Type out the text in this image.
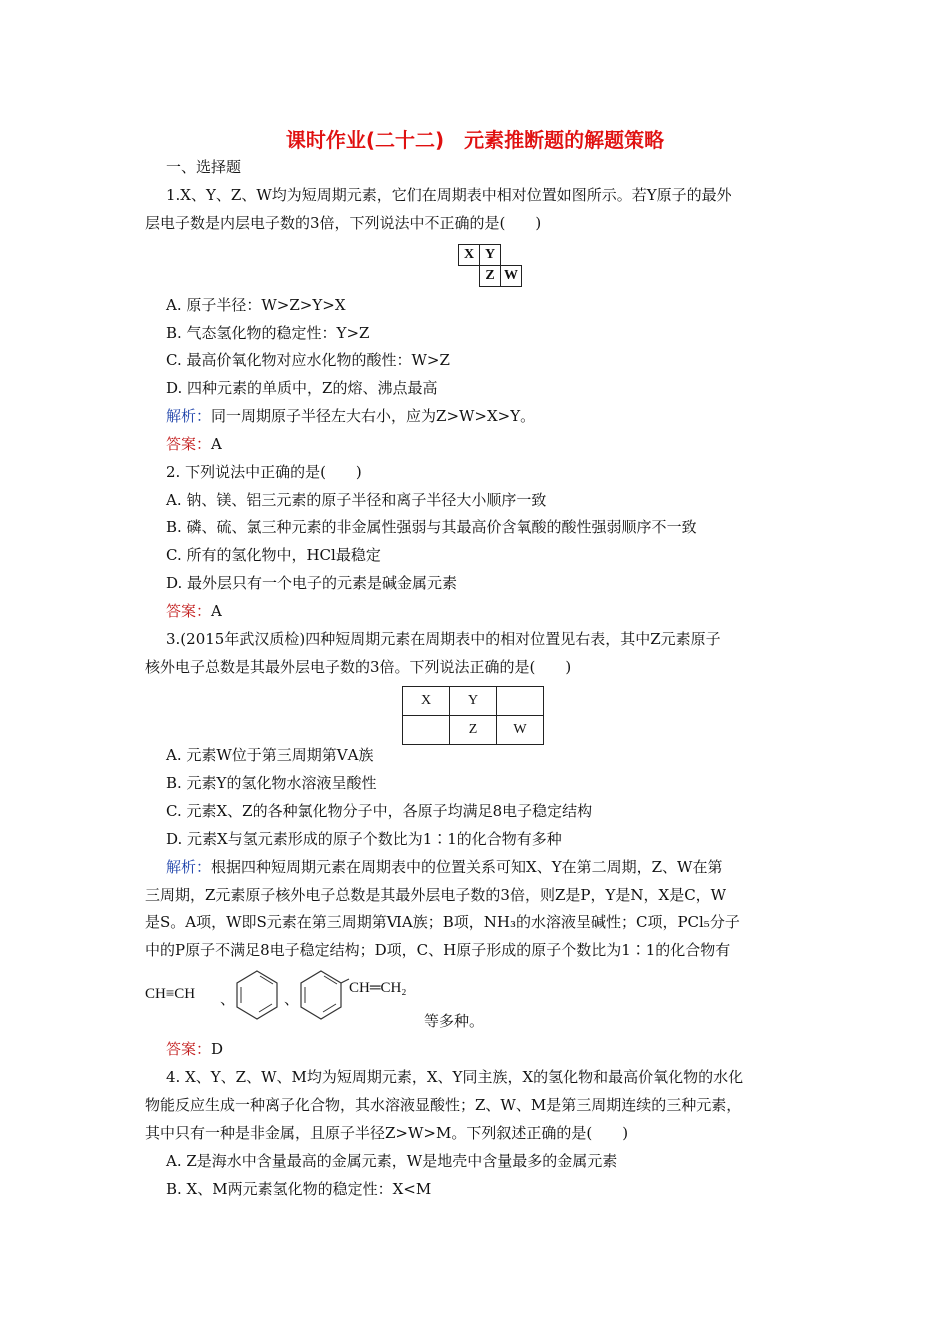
课时作业(二十二)　元素推断题的解题策略
一、选择题
1.X、Y、Z、W均为短周期元素，它们在周期表中相对位置如图所示。若Y原子的最外
层电子数是内层电子数的3倍，下列说法中不正确的是(　　)
X	Y	
	Z	W
A. 原子半径：W>Z>Y>X
B. 气态氢化物的稳定性：Y>Z
C. 最高价氧化物对应水化物的酸性：W>Z
D. 四种元素的单质中，Z的熔、沸点最高
解析：同一周期原子半径左大右小，应为Z>W>X>Y。
答案：A
2. 下列说法中正确的是(　　)
A. 钠、镁、铝三元素的原子半径和离子半径大小顺序一致
B. 磷、硫、氯三种元素的非金属性强弱与其最高价含氧酸的酸性强弱顺序不一致
C. 所有的氢化物中，HCl最稳定
D. 最外层只有一个电子的元素是碱金属元素
答案：A
3.(2015年武汉质检)四种短周期元素在周期表中的相对位置见右表，其中Z元素原子
核外电子总数是其最外层电子数的3倍。下列说法正确的是(　　)
X	Y	
	Z	W
A. 元素W位于第三周期第ⅤA族
B. 元素Y的氢化物水溶液呈酸性
C. 元素X、Z的各种氯化物分子中，各原子均满足8电子稳定结构
D. 元素X与氢元素形成的原子个数比为1∶1的化合物有多种
解析：根据四种短周期元素在周期表中的位置关系可知X、Y在第二周期，Z、W在第
三周期，Z元素原子核外电子总数是其最外层电子数的3倍，则Z是P，Y是N，X是C，W
是S。A项，W即S元素在第三周期第ⅥA族；B项，NH₃的水溶液呈碱性；C项，PCl₅分子
中的P原子不满足8电子稳定结构；D项，C、H原子形成的原子个数比为1∶1的化合物有
CH≡CH 、	、
CH═CH₂
等多种。
答案：D
4. X、Y、Z、W、M均为短周期元素，X、Y同主族，X的氢化物和最高价氧化物的水化
物能反应生成一种离子化合物，其水溶液显酸性；Z、W、M是第三周期连续的三种元素，
其中只有一种是非金属，且原子半径Z>W>M。下列叙述正确的是(　　)
A. Z是海水中含量最高的金属元素，W是地壳中含量最多的金属元素
B. X、M两元素氢化物的稳定性：X<M
